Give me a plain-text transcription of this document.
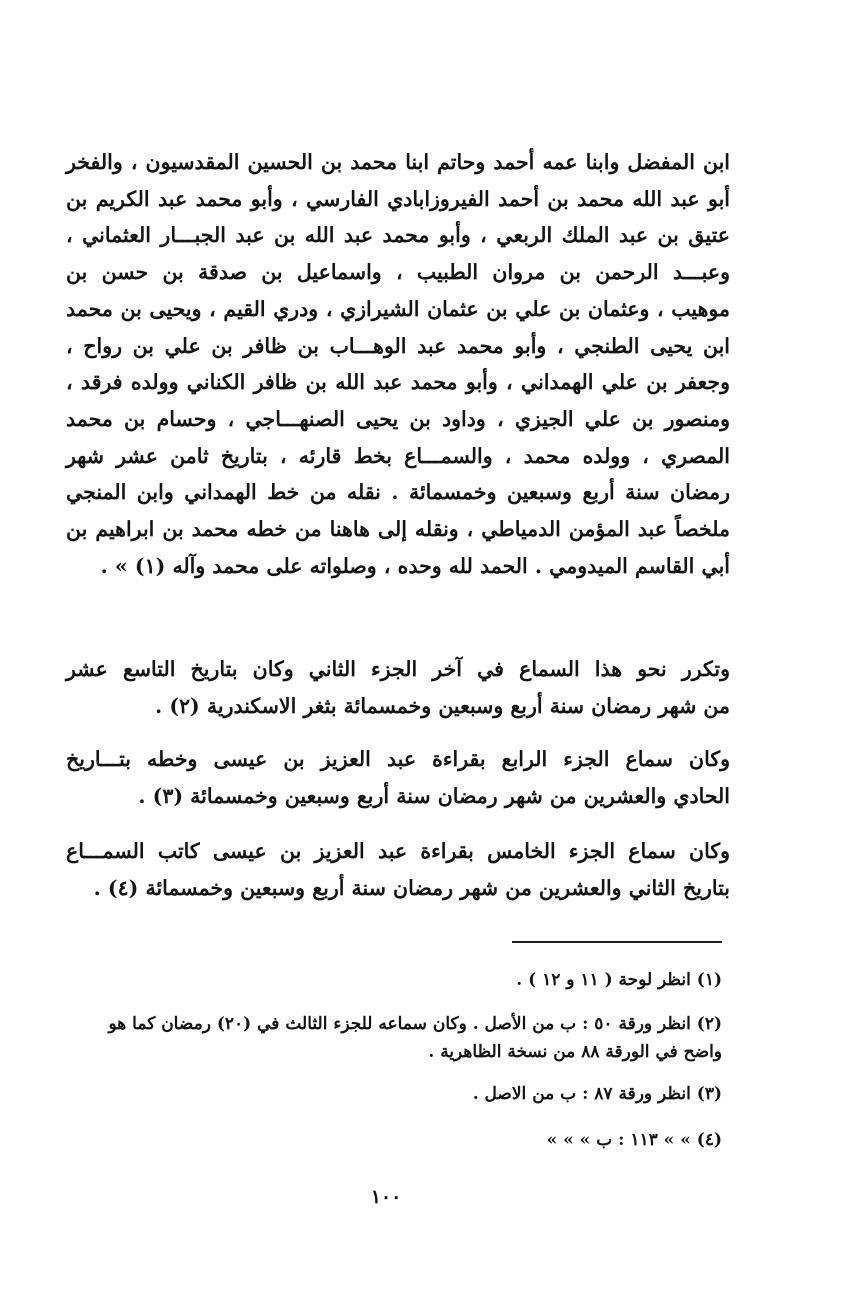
ابن المفضل وابنا عمه أحمد وحاتم ابنا محمد بن الحسين المقدسيون ، والفخر
أبو عبد الله محمد بن أحمد الفيروزابادي الفارسي ، وأبو محمد عبد الكريم بن
عتيق بن عبد الملك الربعي ، وأبو محمد عبد الله بن عبد الجبـــار العثماني ،
وعبـــد الرحمن بن مروان الطبيب ، واسماعيل بن صدقة بن حسن بن
موهيب ، وعثمان بن علي بن عثمان الشيرازي ، ودري القيم ، ويحيى بن محمد
ابن يحيى الطنجي ، وأبو محمد عبد الوهـــاب بن ظافر بن علي بن رواح ،
وجعفر بن علي الهمداني ، وأبو محمد عبد الله بن ظافر الكناني وولده فرقد ،
ومنصور بن علي الجيزي ، وداود بن يحيى الصنهـــاجي ، وحسام بن محمد
المصري ، وولده محمد ، والسمـــاع بخط قارئه ، بتاريخ ثامن عشر شهر
رمضان سنة أربع وسبعين وخمسمائة . نقله من خط الهمداني وابن المنجي
ملخصاً عبد المؤمن الدمياطي ، ونقله إلى هاهنا من خطه محمد بن ابراهيم بن
أبي القاسم الميدومي . الحمد لله وحده ، وصلواته على محمد وآله (١) » .
وتكرر نحو هذا السماع في آخر الجزء الثاني وكان بتاريخ التاسع عشر
من شهر رمضان سنة أربع وسبعين وخمسمائة بثغر الاسكندرية (٢) .
وكان سماع الجزء الرابع بقراءة عبد العزيز بن عيسى وخطه بتـــاريخ
الحادي والعشرين من شهر رمضان سنة أربع وسبعين وخمسمائة (٣) .
وكان سماع الجزء الخامس بقراءة عبد العزيز بن عيسى كاتب السمـــاع
بتاريخ الثاني والعشرين من شهر رمضان سنة أربع وسبعين وخمسمائة (٤) .
(١) انظر لوحة ( ١١ و ١٢ ) .
(٢) انظر ورقة ٥٠ : ب من الأصل . وكان سماعه للجزء الثالث في (٢٠) رمضان كما هو
واضح في الورقة ٨٨ من نسخة الظاهرية .
(٣) انظر ورقة ٨٧ : ب من الاصل .
(٤) » » ١١٣ : ب » » »
١٠٠
